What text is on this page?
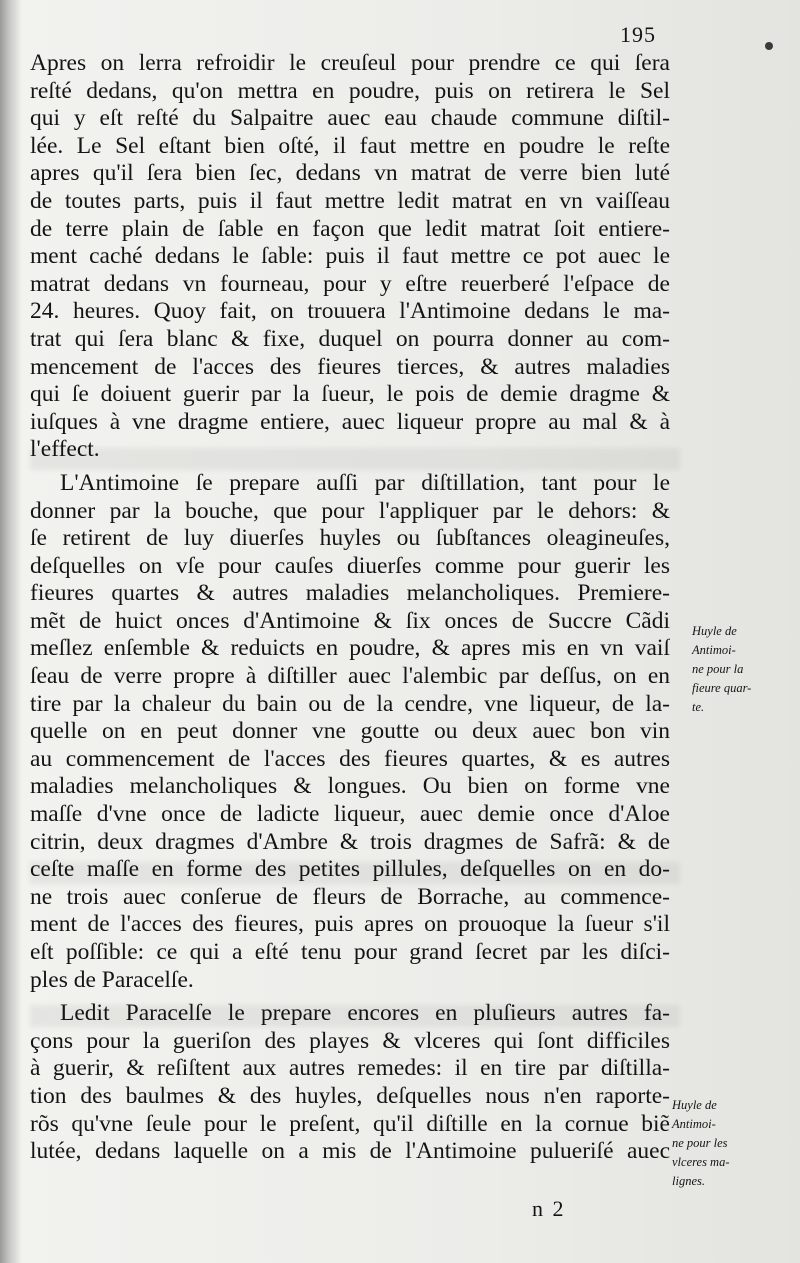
195
Apres on lerra refroidir le creuſeul pour prendre ce qui ſera
reſté dedans, qu'on mettra en poudre, puis on retirera le Sel
qui y eſt reſté du Salpaitre auec eau chaude commune diſtil-
lée. Le Sel eſtant bien oſté, il faut mettre en poudre le reſte
apres qu'il ſera bien ſec, dedans vn matrat de verre bien luté
de toutes parts, puis il faut mettre ledit matrat en vn vaiſſeau
de terre plain de ſable en façon que ledit matrat ſoit entiere-
ment caché dedans le ſable: puis il faut mettre ce pot auec le
matrat dedans vn fourneau, pour y eſtre reuerberé l'eſpace de
24. heures. Quoy fait, on trouuera l'Antimoine dedans le ma-
trat qui ſera blanc & fixe, duquel on pourra donner au com-
mencement de l'acces des fieures tierces, & autres maladies
qui ſe doiuent guerir par la ſueur, le pois de demie dragme &
iuſques à vne dragme entiere, auec liqueur propre au mal & à
l'effect.
L'Antimoine ſe prepare auſſi par diſtillation, tant pour le
donner par la bouche, que pour l'appliquer par le dehors: &
ſe retirent de luy diuerſes huyles ou ſubſtances oleagineuſes,
deſquelles on vſe pour cauſes diuerſes comme pour guerir les
fieures quartes & autres maladies melancholiques. Premiere-
mẽt de huict onces d'Antimoine & ſix onces de Succre Cãdi
meſlez enſemble & reduicts en poudre, & apres mis en vn vaiſ
ſeau de verre propre à diſtiller auec l'alembic par deſſus, on en
tire par la chaleur du bain ou de la cendre, vne liqueur, de la-
quelle on en peut donner vne goutte ou deux auec bon vin
au commencement de l'acces des fieures quartes, & es autres
maladies melancholiques & longues. Ou bien on forme vne
maſſe d'vne once de ladicte liqueur, auec demie once d'Aloe
citrin, deux dragmes d'Ambre & trois dragmes de Safrã: & de
ceſte maſſe en forme des petites pillules, deſquelles on en do-
ne trois auec conſerue de fleurs de Borrache, au commence-
ment de l'acces des fieures, puis apres on prouoque la ſueur s'il
eſt poſſible: ce qui a eſté tenu pour grand ſecret par les diſci-
ples de Paracelſe.
Ledit Paracelſe le prepare encores en pluſieurs autres fa-
çons pour la gueriſon des playes & vlceres qui ſont difficiles
à guerir, & reſiſtent aux autres remedes: il en tire par diſtilla-
tion des baulmes & des huyles, deſquelles nous n'en raporte-
rõs qu'vne ſeule pour le preſent, qu'il diſtille en la cornue biẽ
lutée, dedans laquelle on a mis de l'Antimoine pulueriſé auec
Huyle de
Antimoi-
ne pour la
fieure quar-
te.
Huyle de
Antimoi-
ne pour les
vlceres ma-
lignes.
n 2
